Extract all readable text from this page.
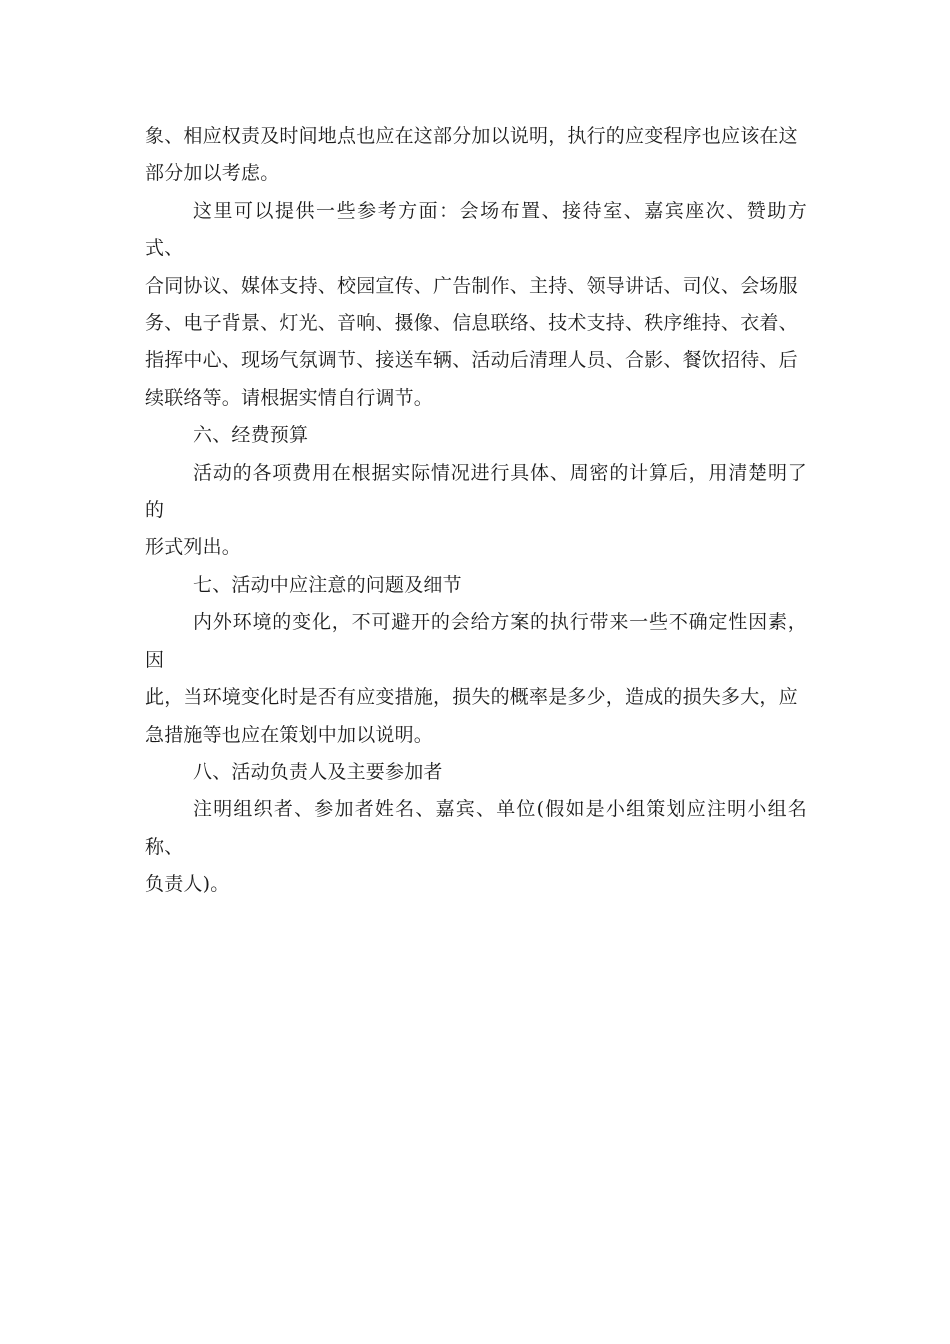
象、相应权责及时间地点也应在这部分加以说明，执行的应变程序也应该在这
部分加以考虑。

这里可以提供一些参考方面：会场布置、接待室、嘉宾座次、赞助方式、
合同协议、媒体支持、校园宣传、广告制作、主持、领导讲话、司仪、会场服
务、电子背景、灯光、音响、摄像、信息联络、技术支持、秩序维持、衣着、
指挥中心、现场气氛调节、接送车辆、活动后清理人员、合影、餐饮招待、后
续联络等。请根据实情自行调节。

六、经费预算

活动的各项费用在根据实际情况进行具体、周密的计算后，用清楚明了的
形式列出。

七、活动中应注意的问题及细节

内外环境的变化，不可避开的会给方案的执行带来一些不确定性因素，因
此，当环境变化时是否有应变措施，损失的概率是多少，造成的损失多大，应
急措施等也应在策划中加以说明。

八、活动负责人及主要参加者

注明组织者、参加者姓名、嘉宾、单位(假如是小组策划应注明小组名称、
负责人)。
